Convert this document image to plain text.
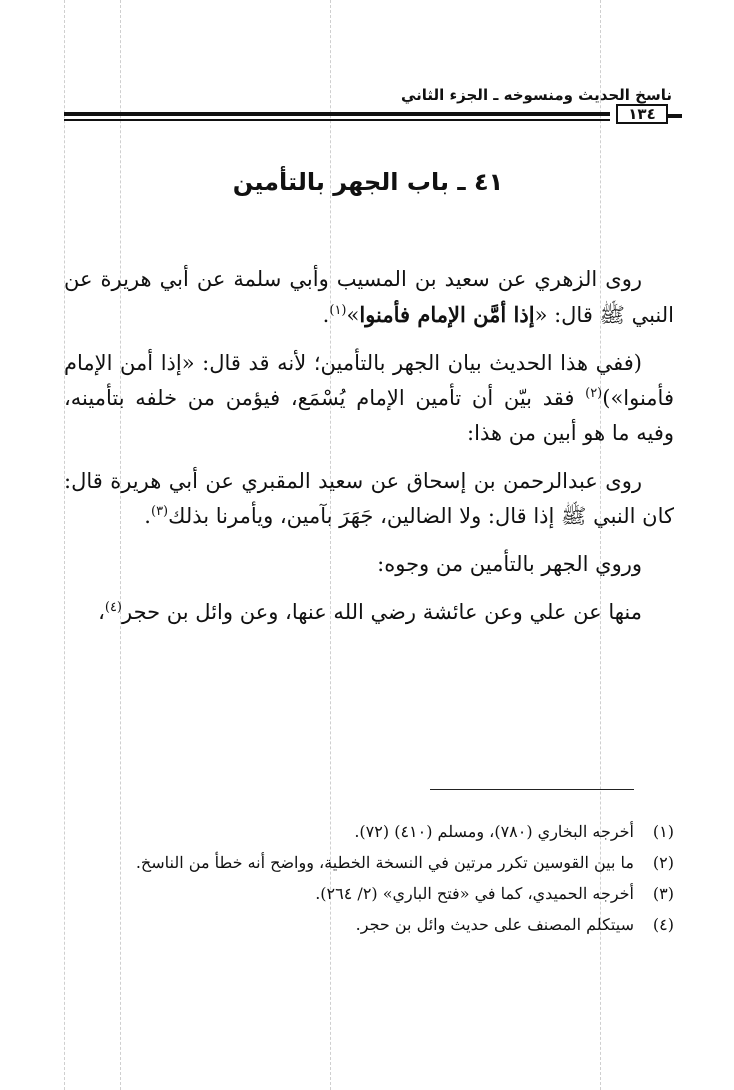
ناسخ الحديث ومنسوخه ـ الجزء الثاني
١٣٤
٤١ ـ باب الجهر بالتأمين

روى الزهري عن سعيد بن المسيب وأبي سلمة عن أبي هريرة عن النبي ﷺ قال: «إذا أمَّن الإمام فأمنوا»$^{(١)}$.

(ففي هذا الحديث بيان الجهر بالتأمين؛ لأنه قد قال: «إذا أمن الإمام فأمنوا»)$^{(٢)}$ فقد بيّن أن تأمين الإمام يُسْمَع، فيؤمن من خلفه بتأمينه، وفيه ما هو أبين من هذا:

روى عبدالرحمن بن إسحاق عن سعيد المقبري عن أبي هريرة قال: كان النبي ﷺ إذا قال: ولا الضالين، جَهَرَ بآمين، ويأمرنا بذلك$^{(٣)}$.

وروي الجهر بالتأمين من وجوه:

منها عن علي وعن عائشة رضي الله عنها، وعن وائل بن حجر$^{(٤)}$،

(١)
أخرجه البخاري (٧٨٠)، ومسلم (٤١٠) (٧٢).
(٢)
ما بين القوسين تكرر مرتين في النسخة الخطية، وواضح أنه خطأ من الناسخ.
(٣)
أخرجه الحميدي، كما في «فتح الباري» (٢/ ٢٦٤).
(٤)
سيتكلم المصنف على حديث وائل بن حجر.
